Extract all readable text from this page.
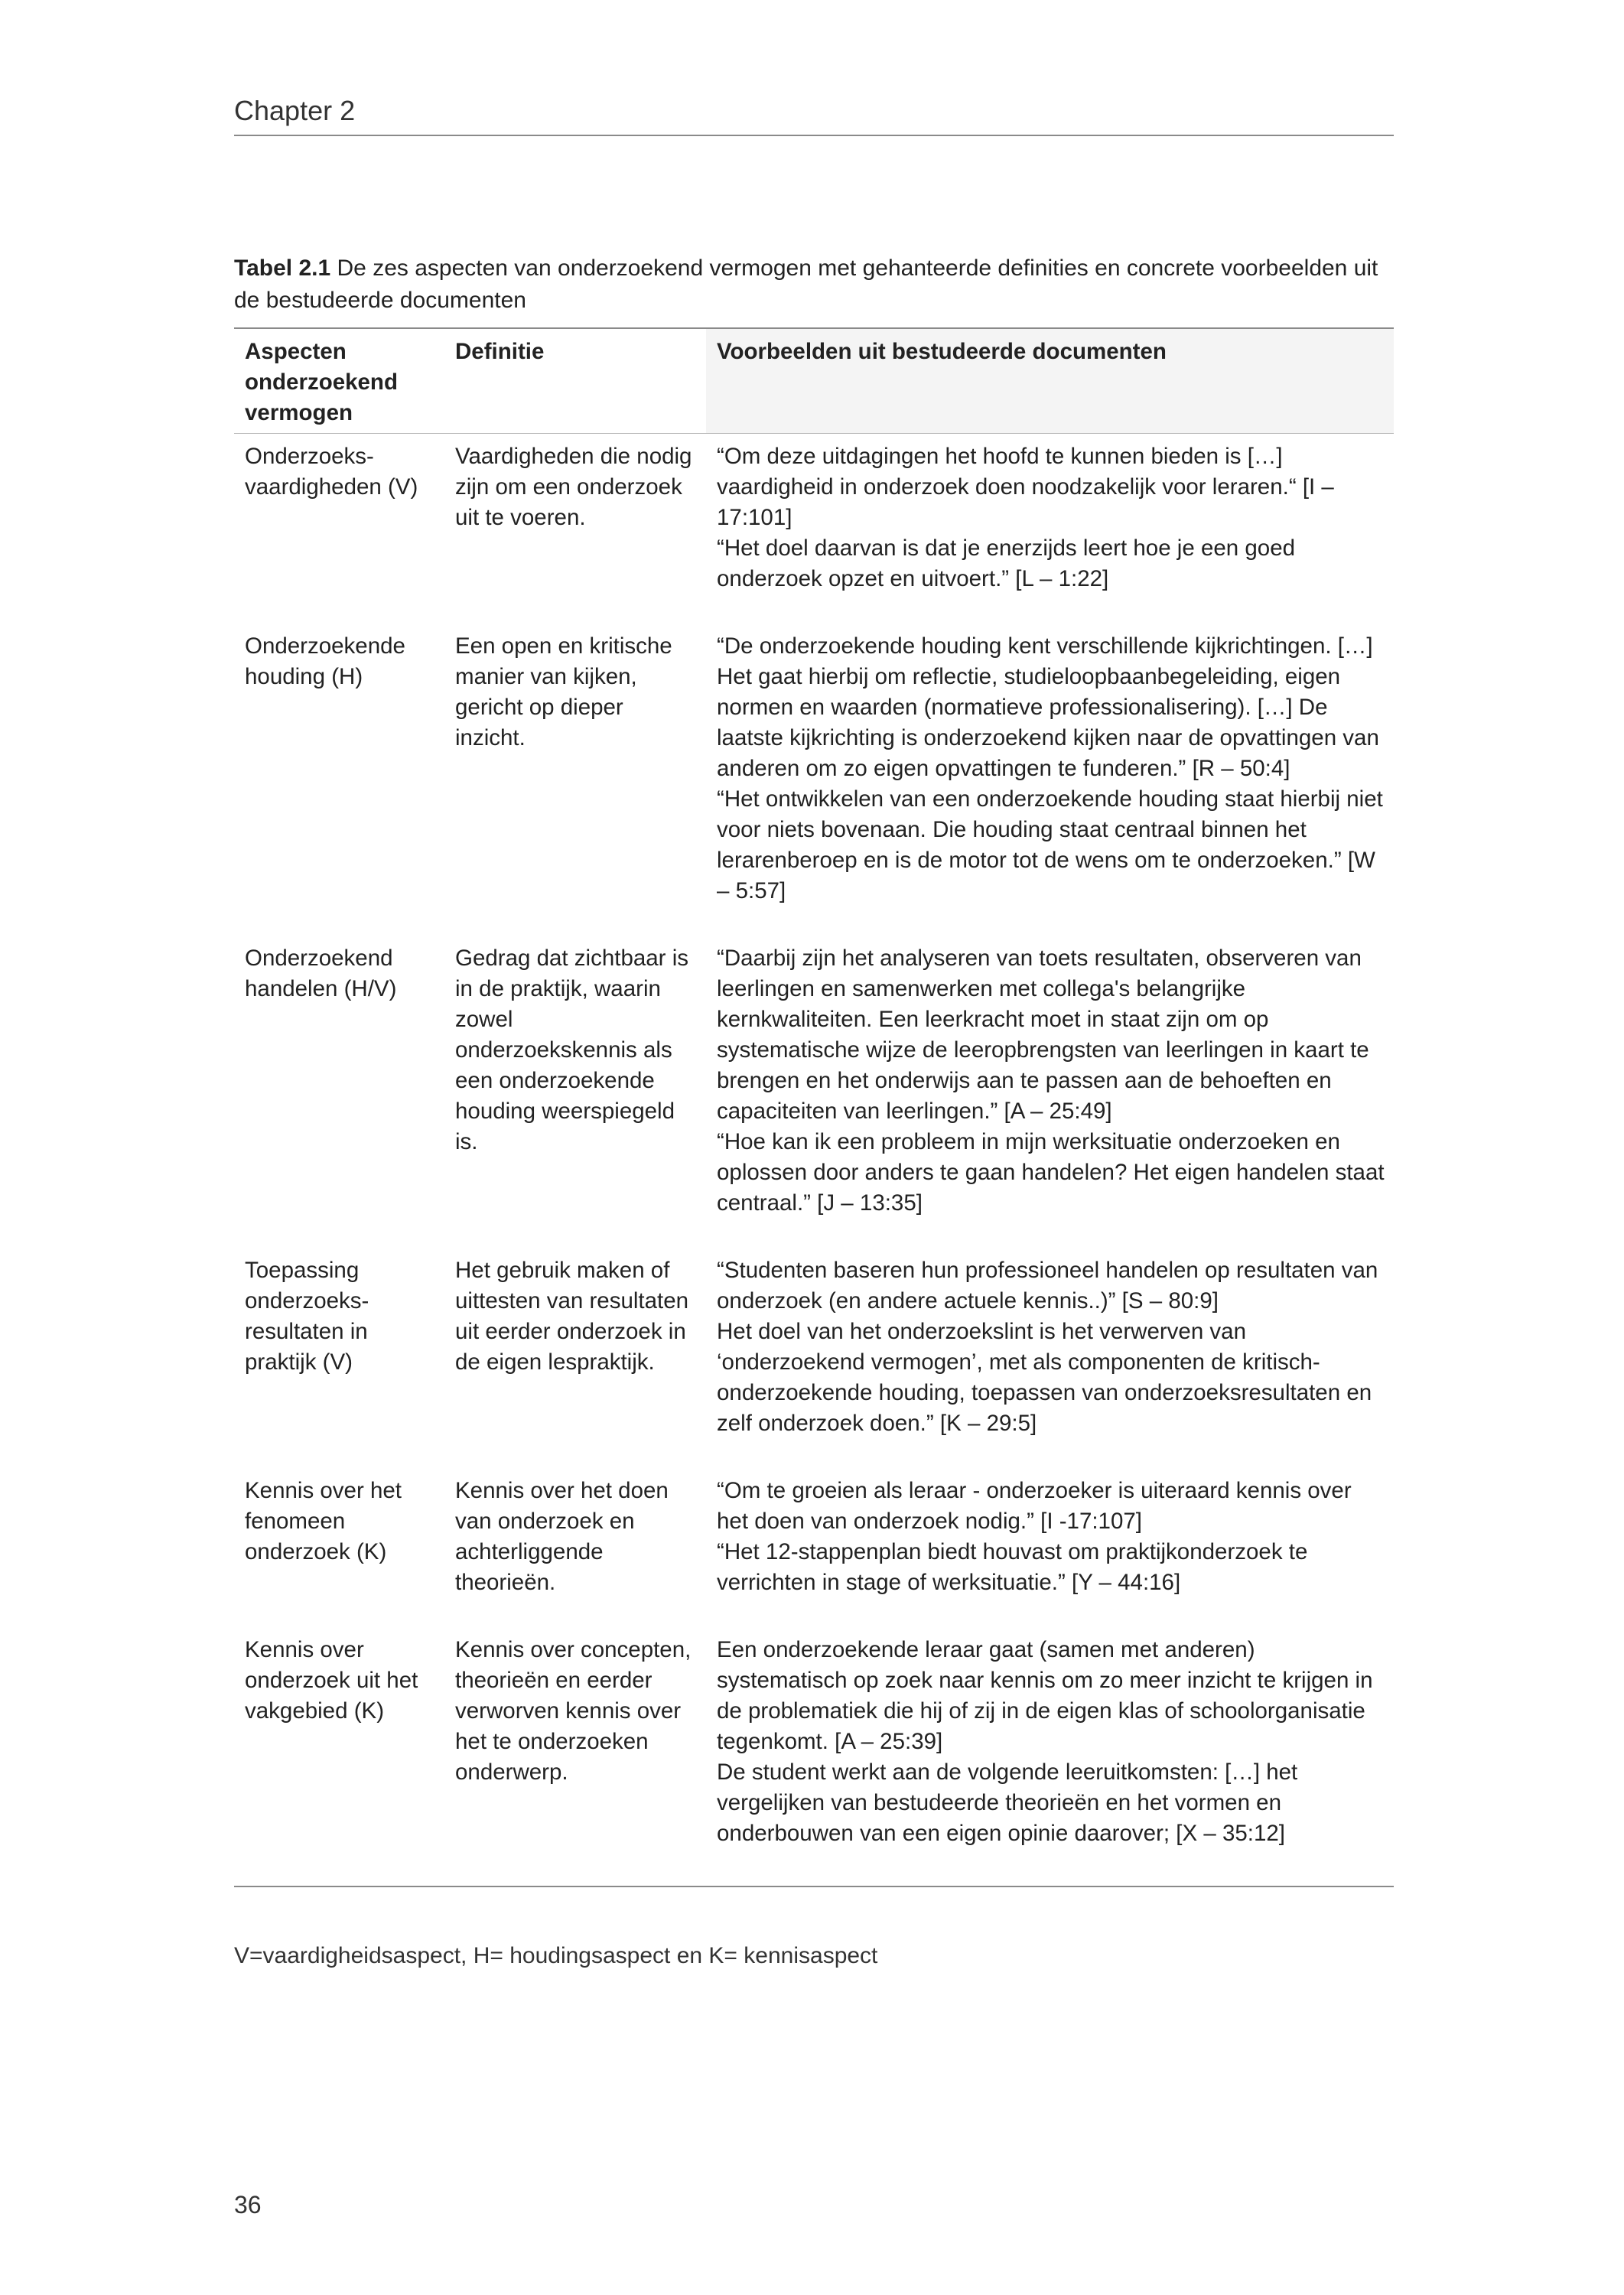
Chapter 2
Tabel 2.1 De zes aspecten van onderzoekend vermogen met gehanteerde definities en concrete voorbeelden uit de bestudeerde documenten
Aspecten onderzoekend vermogen	Definitie	Voorbeelden uit bestudeerde documenten

Onderzoeks-vaardigheden (V)	Vaardigheden die nodig zijn om een onderzoek uit te voeren.	“Om deze uitdagingen het hoofd te kunnen bieden is […] vaardigheid in onderzoek doen noodzakelijk voor leraren.“ [I – 17:101]
“Het doel daarvan is dat je enerzijds leert hoe je een goed onderzoek opzet en uitvoert.” [L – 1:22]

Onderzoekende houding (H)	Een open en kritische manier van kijken, gericht op dieper inzicht.	“De onderzoekende houding kent verschillende kijkrichtingen. […]
Het gaat hierbij om reflectie, studieloopbaanbegeleiding, eigen normen en waarden (normatieve professionalisering). […] De laatste kijkrichting is onderzoekend kijken naar de opvattingen van anderen om zo eigen opvattingen te funderen.” [R – 50:4]
“Het ontwikkelen van een onderzoekende houding staat hierbij niet voor niets bovenaan. Die houding staat centraal binnen het lerarenberoep en is de motor tot de wens om te onderzoeken.” [W – 5:57]

Onderzoekend handelen (H/V)	Gedrag dat zichtbaar is in de praktijk, waarin zowel onderzoekskennis als een onderzoekende houding weerspiegeld is.	“Daarbij zijn het analyseren van toets resultaten, observeren van leerlingen en samenwerken met collega's belangrijke kernkwaliteiten. Een leerkracht moet in staat zijn om op systematische wijze de leeropbrengsten van leerlingen in kaart te brengen en het onderwijs aan te passen aan de behoeften en capaciteiten van leerlingen.” [A – 25:49]
“Hoe kan ik een probleem in mijn werksituatie onderzoeken en oplossen door anders te gaan handelen? Het eigen handelen staat centraal.” [J – 13:35]

Toepassing onderzoeks-resultaten in praktijk (V)	Het gebruik maken of uittesten van resultaten uit eerder onderzoek in de eigen lespraktijk.	“Studenten baseren hun professioneel handelen op resultaten van onderzoek (en andere actuele kennis..)” [S – 80:9]
Het doel van het onderzoekslint is het verwerven van ‘onderzoekend vermogen’, met als componenten de kritisch-onderzoekende houding, toepassen van onderzoeksresultaten en zelf onderzoek doen.” [K – 29:5]

Kennis over het fenomeen onderzoek (K)	Kennis over het doen van onderzoek en achterliggende theorieën.	“Om te groeien als leraar - onderzoeker is uiteraard kennis over het doen van onderzoek nodig.” [I -17:107]
“Het 12-stappenplan biedt houvast om praktijkonderzoek te verrichten in stage of werksituatie.” [Y – 44:16]

Kennis over onderzoek uit het vakgebied (K)	Kennis over concepten, theorieën en eerder verworven kennis over het te onderzoeken onderwerp.	Een onderzoekende leraar gaat (samen met anderen) systematisch op zoek naar kennis om zo meer inzicht te krijgen in de problematiek die hij of zij in de eigen klas of schoolorganisatie tegenkomt. [A – 25:39]
De student werkt aan de volgende leeruitkomsten: […] het vergelijken van bestudeerde theorieën en het vormen en onderbouwen van een eigen opinie daarover; [X – 35:12]
V=vaardigheidsaspect, H= houdingsaspect en K= kennisaspect
36
